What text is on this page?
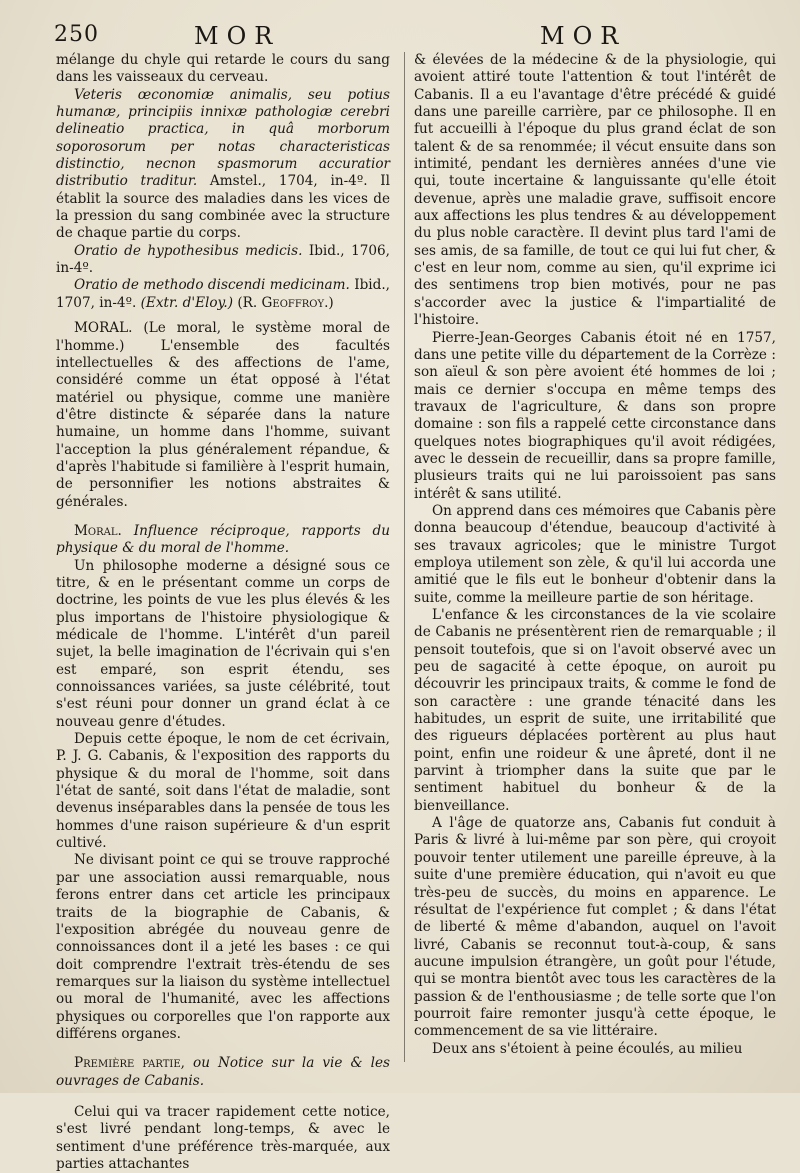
250	MOR	MOR

mélange du chyle qui retarde le cours du sang dans les vaisseaux du cerveau.

Veteris œconomiæ animalis, seu potius humanæ, principiis innixæ pathologiæ cerebri delineatio practica, in quâ morborum soporosorum per notas characteristicas distinctio, necnon spasmorum accuratior distributio traditur. Amstel., 1704, in-4º. Il établit la source des maladies dans les vices de la pression du sang combinée avec la structure de chaque partie du corps.

Oratio de hypothesibus medicis. Ibid., 1706, in-4º.

Oratio de methodo discendi medicinam. Ibid., 1707, in-4º. (Extr. d'Eloy.) (R. Geoffroy.)

MORAL. (Le moral, le système moral de l'homme.) L'ensemble des facultés intellectuelles & des affections de l'ame, considéré comme un état opposé à l'état matériel ou physique, comme une manière d'être distincte & séparée dans la nature humaine, un homme dans l'homme, suivant l'acception la plus généralement répandue, & d'après l'habitude si familière à l'esprit humain, de personnifier les notions abstraites & générales.

Moral. Influence réciproque, rapports du physique & du moral de l'homme.

Un philosophe moderne a désigné sous ce titre, & en le présentant comme un corps de doctrine, les points de vue les plus élevés & les plus importans de l'histoire physiologique & médicale de l'homme. L'intérêt d'un pareil sujet, la belle imagination de l'écrivain qui s'en est emparé, son esprit étendu, ses connoissances variées, sa juste célébrité, tout s'est réuni pour donner un grand éclat à ce nouveau genre d'études.

Depuis cette époque, le nom de cet écrivain, P. J. G. Cabanis, & l'exposition des rapports du physique & du moral de l'homme, soit dans l'état de santé, soit dans l'état de maladie, sont devenus inséparables dans la pensée de tous les hommes d'une raison supérieure & d'un esprit cultivé.

Ne divisant point ce qui se trouve rapproché par une association aussi remarquable, nous ferons entrer dans cet article les principaux traits de la biographie de Cabanis, & l'exposition abrégée du nouveau genre de connoissances dont il a jeté les bases : ce qui doit comprendre l'extrait très-étendu de ses remarques sur la liaison du système intellectuel ou moral de l'humanité, avec les affections physiques ou corporelles que l'on rapporte aux différens organes.

Première partie, ou Notice sur la vie & les ouvrages de Cabanis.

Celui qui va tracer rapidement cette notice, s'est livré pendant long-temps, & avec le sentiment d'une préférence très-marquée, aux parties attachantes

& élevées de la médecine & de la physiologie, qui avoient attiré toute l'attention & tout l'intérêt de Cabanis. Il a eu l'avantage d'être précédé & guidé dans une pareille carrière, par ce philosophe. Il en fut accueilli à l'époque du plus grand éclat de son talent & de sa renommée; il vécut ensuite dans son intimité, pendant les dernières années d'une vie qui, toute incertaine & languissante qu'elle étoit devenue, après une maladie grave, suffisoit encore aux affections les plus tendres & au développement du plus noble caractère. Il devint plus tard l'ami de ses amis, de sa famille, de tout ce qui lui fut cher, & c'est en leur nom, comme au sien, qu'il exprime ici des sentimens trop bien motivés, pour ne pas s'accorder avec la justice & l'impartialité de l'histoire.

Pierre-Jean-Georges Cabanis étoit né en 1757, dans une petite ville du département de la Corrèze : son aïeul & son père avoient été hommes de loi ; mais ce dernier s'occupa en même temps des travaux de l'agriculture, & dans son propre domaine : son fils a rappelé cette circonstance dans quelques notes biographiques qu'il avoit rédigées, avec le dessein de recueillir, dans sa propre famille, plusieurs traits qui ne lui paroissoient pas sans intérêt & sans utilité.

On apprend dans ces mémoires que Cabanis père donna beaucoup d'étendue, beaucoup d'activité à ses travaux agricoles; que le ministre Turgot employa utilement son zèle, & qu'il lui accorda une amitié que le fils eut le bonheur d'obtenir dans la suite, comme la meilleure partie de son héritage.

L'enfance & les circonstances de la vie scolaire de Cabanis ne présentèrent rien de remarquable ; il pensoit toutefois, que si on l'avoit observé avec un peu de sagacité à cette époque, on auroit pu découvrir les principaux traits, & comme le fond de son caractère : une grande ténacité dans les habitudes, un esprit de suite, une irritabilité que des rigueurs déplacées portèrent au plus haut point, enfin une roideur & une âpreté, dont il ne parvint à triompher dans la suite que par le sentiment habituel du bonheur & de la bienveillance.

A l'âge de quatorze ans, Cabanis fut conduit à Paris & livré à lui-même par son père, qui croyoit pouvoir tenter utilement une pareille épreuve, à la suite d'une première éducation, qui n'avoit eu que très-peu de succès, du moins en apparence. Le résultat de l'expérience fut complet ; & dans l'état de liberté & même d'abandon, auquel on l'avoit livré, Cabanis se reconnut tout-à-coup, & sans aucune impulsion étrangère, un goût pour l'étude, qui se montra bientôt avec tous les caractères de la passion & de l'enthousiasme ; de telle sorte que l'on pourroit faire remonter jusqu'à cette époque, le commencement de sa vie littéraire.

Deux ans s'étoient à peine écoulés, au milieu
